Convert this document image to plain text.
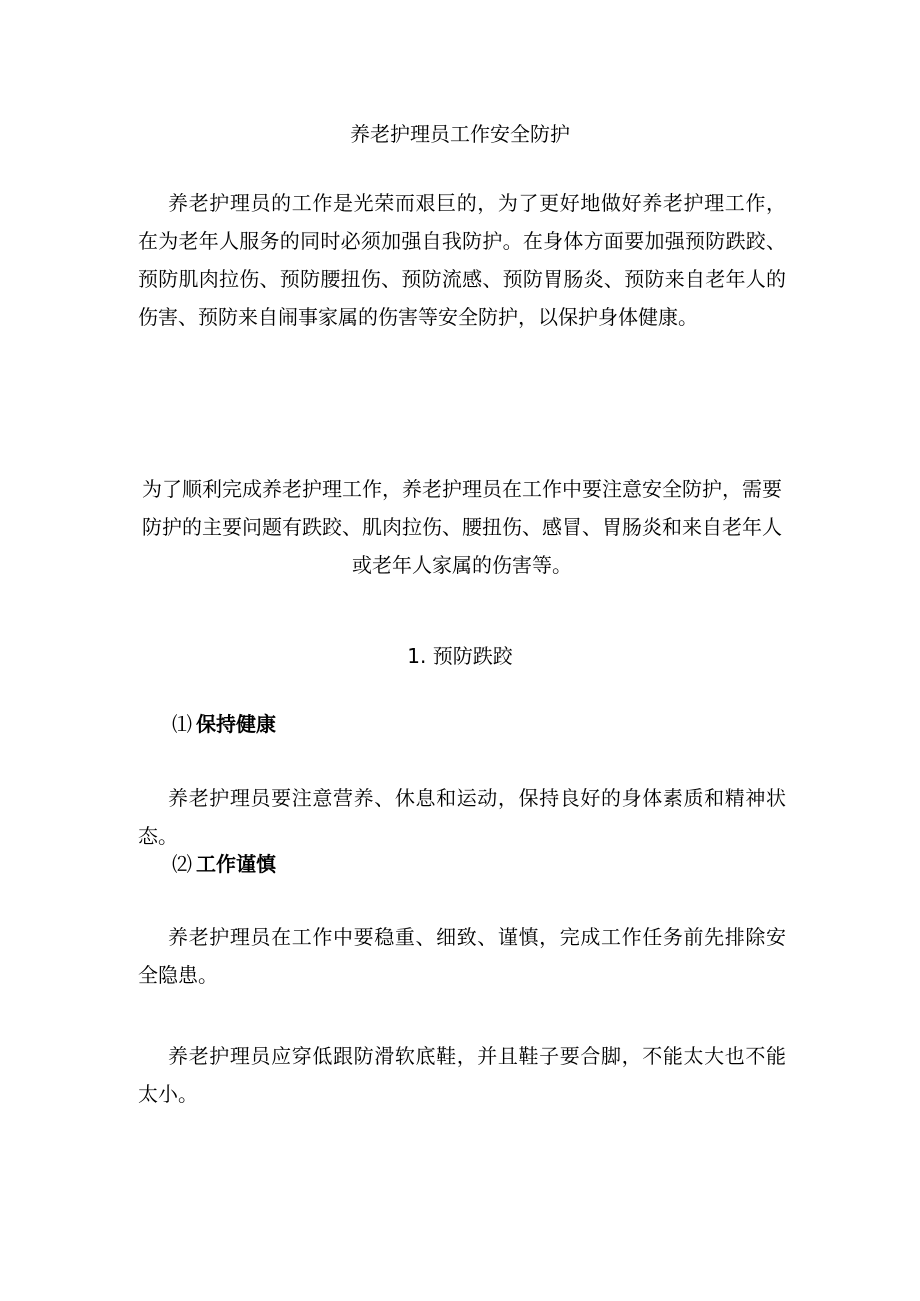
养老护理员工作安全防护

养老护理员的工作是光荣而艰巨的，为了更好地做好养老护理工作，在为老年人服务的同时必须加强自我防护。在身体方面要加强预防跌跤、预防肌肉拉伤、预防腰扭伤、预防流感、预防胃肠炎、预防来自老年人的伤害、预防来自闹事家属的伤害等安全防护，以保护身体健康。

为了顺利完成养老护理工作，养老护理员在工作中要注意安全防护，需要
防护的主要问题有跌跤、肌肉拉伤、腰扭伤、感冒、胃肠炎和来自老年人
或老年人家属的伤害等。

1. 预防跌跤

⑴ 保持健康

养老护理员要注意营养、休息和运动，保持良好的身体素质和精神状态。

⑵ 工作谨慎

养老护理员在工作中要稳重、细致、谨慎，完成工作任务前先排除安全隐患。

养老护理员应穿低跟防滑软底鞋，并且鞋子要合脚，不能太大也不能太小。
